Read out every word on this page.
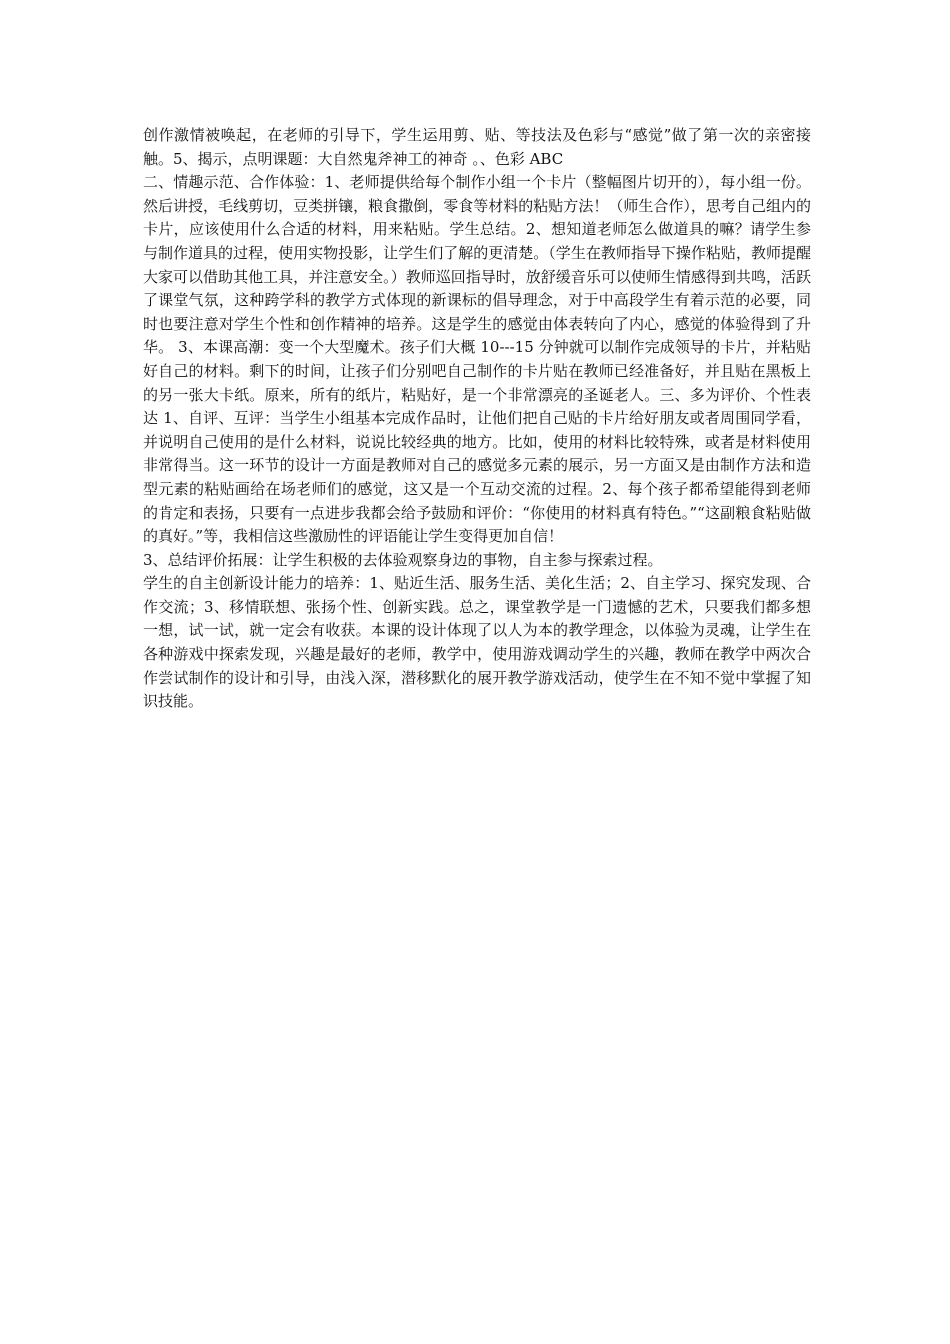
创作激情被唤起，在老师的引导下，学生运用剪、贴、等技法及色彩与“感觉”做了第一次的亲密接触。5、揭示，点明课题：大自然鬼斧神工的神奇 。、色彩 ABC

二、情趣示范、合作体验：1、老师提供给每个制作小组一个卡片（整幅图片切开的），每小组一份。然后讲授，毛线剪切，豆类拼镶，粮食撒倒，零食等材料的粘贴方法！（师生合作），思考自己组内的卡片，应该使用什么合适的材料，用来粘贴。学生总结。2、想知道老师怎么做道具的嘛？请学生参与制作道具的过程，使用实物投影，让学生们了解的更清楚。（学生在教师指导下操作粘贴，教师提醒大家可以借助其他工具，并注意安全。）教师巡回指导时，放舒缓音乐可以使师生情感得到共鸣，活跃了课堂气氛，这种跨学科的教学方式体现的新课标的倡导理念，对于中高段学生有着示范的必要，同时也要注意对学生个性和创作精神的培养。这是学生的感觉由体表转向了内心，感觉的体验得到了升华。 3、本课高潮：变一个大型魔术。孩子们大概 10---15 分钟就可以制作完成领导的卡片，并粘贴好自己的材料。剩下的时间，让孩子们分别吧自己制作的卡片贴在教师已经准备好，并且贴在黑板上的另一张大卡纸。原来，所有的纸片，粘贴好，是一个非常漂亮的圣诞老人。三、多为评价、个性表达 1、自评、互评：当学生小组基本完成作品时，让他们把自己贴的卡片给好朋友或者周围同学看，并说明自己使用的是什么材料，说说比较经典的地方。比如，使用的材料比较特殊，或者是材料使用非常得当。这一环节的设计一方面是教师对自己的感觉多元素的展示，另一方面又是由制作方法和造型元素的粘贴画给在场老师们的感觉，这又是一个互动交流的过程。2、每个孩子都希望能得到老师的肯定和表扬，只要有一点进步我都会给予鼓励和评价：“你使用的材料真有特色。”“这副粮食粘贴做的真好。”等，我相信这些激励性的评语能让学生变得更加自信！

3、总结评价拓展：让学生积极的去体验观察身边的事物，自主参与探索过程。

学生的自主创新设计能力的培养：1、贴近生活、服务生活、美化生活；2、自主学习、探究发现、合作交流；3、移情联想、张扬个性、创新实践。总之，课堂教学是一门遗憾的艺术，只要我们都多想一想，试一试，就一定会有收获。本课的设计体现了以人为本的教学理念，以体验为灵魂，让学生在各种游戏中探索发现，兴趣是最好的老师，教学中，使用游戏调动学生的兴趣，教师在教学中两次合作尝试制作的设计和引导，由浅入深，潜移默化的展开教学游戏活动，使学生在不知不觉中掌握了知识技能。
